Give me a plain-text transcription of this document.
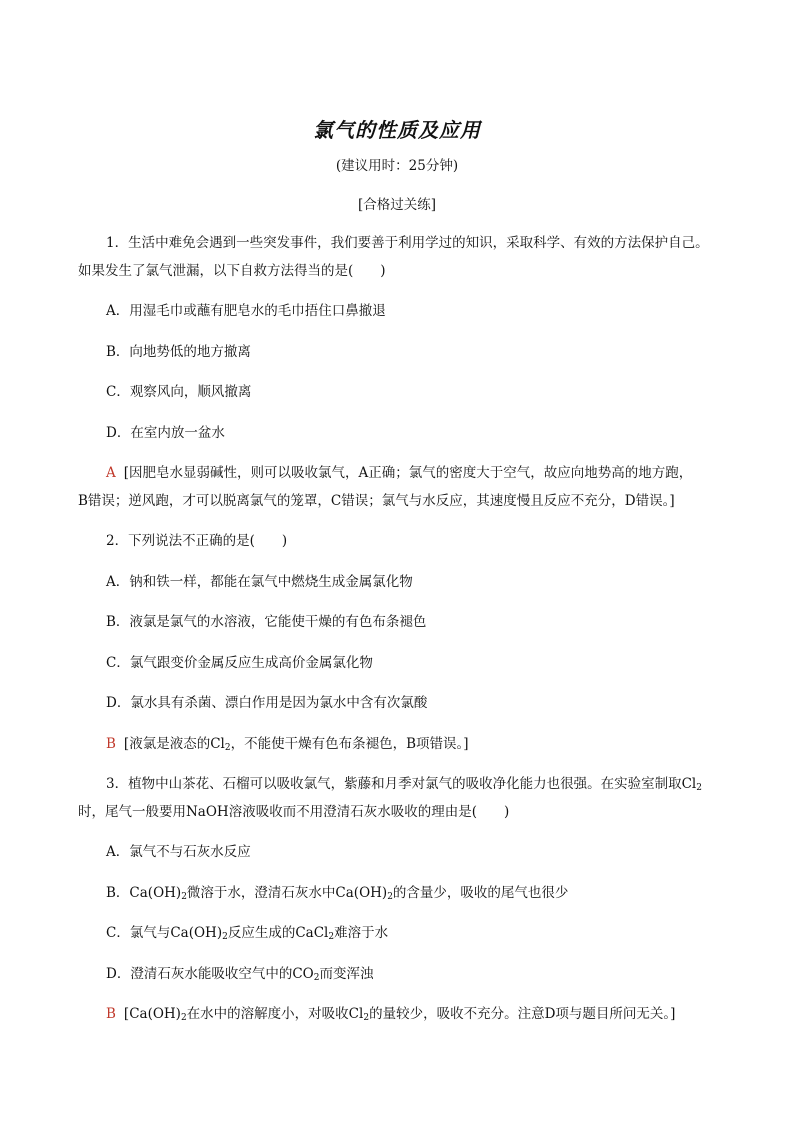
氯气的性质及应用
(建议用时：25分钟)
[合格过关练]
1．生活中难免会遇到一些突发事件，我们要善于利用学过的知识，采取科学、有效的方法保护自己。
如果发生了氯气泄漏，以下自救方法得当的是(　　)
A．用湿毛巾或蘸有肥皂水的毛巾捂住口鼻撤退
B．向地势低的地方撤离
C．观察风向，顺风撤离
D．在室内放一盆水
A [因肥皂水显弱碱性，则可以吸收氯气，A正确；氯气的密度大于空气，故应向地势高的地方跑，
B错误；逆风跑，才可以脱离氯气的笼罩，C错误；氯气与水反应，其速度慢且反应不充分，D错误。]
2．下列说法不正确的是(　　)
A．钠和铁一样，都能在氯气中燃烧生成金属氯化物
B．液氯是氯气的水溶液，它能使干燥的有色布条褪色
C．氯气跟变价金属反应生成高价金属氯化物
D．氯水具有杀菌、漂白作用是因为氯水中含有次氯酸
B [液氯是液态的$Cl_2$，不能使干燥有色布条褪色，B项错误。]
3．植物中山茶花、石榴可以吸收氯气，紫藤和月季对氯气的吸收净化能力也很强。在实验室制取$Cl_2$
时，尾气一般要用NaOH溶液吸收而不用澄清石灰水吸收的理由是(　　)
A．氯气不与石灰水反应
B．$Ca(OH)_2$微溶于水，澄清石灰水中$Ca(OH)_2$的含量少，吸收的尾气也很少
C．氯气与$Ca(OH)_2$反应生成的CaCl$_2$难溶于水
D．澄清石灰水能吸收空气中的$CO_2$而变浑浊
B [$Ca(OH)_2$在水中的溶解度小，对吸收$Cl_2$的量较少，吸收不充分。注意D项与题目所问无关。]
